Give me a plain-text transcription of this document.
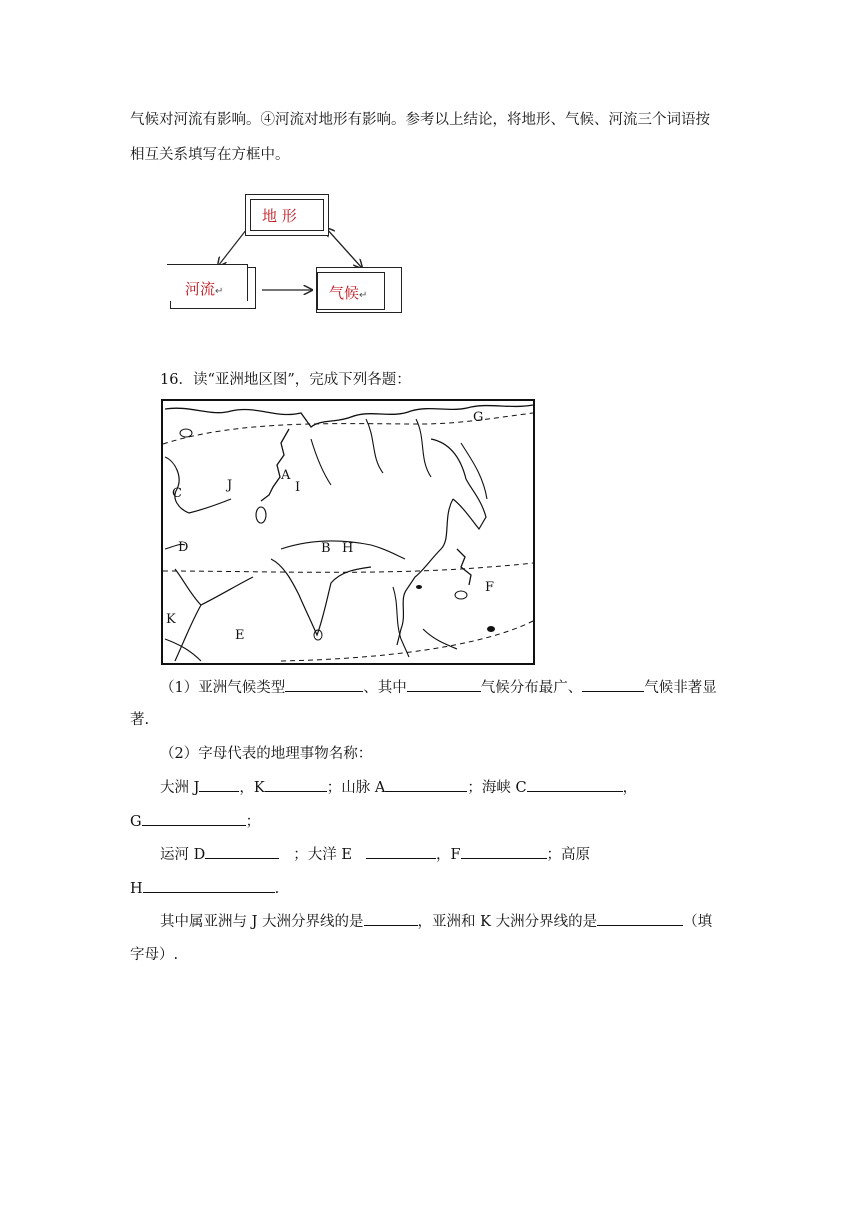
气候对河流有影响。④河流对地形有影响。参考以上结论，将地形、气候、河流三个词语按
相互关系填写在方框中。
地 形
河流↵	气候↵
16．读“亚洲地区图”，完成下列各题：
G
A
I
J
C
D	B H
F
K
E
（1）亚洲气候类型	、其中	气候分布最广、	气候非著显
著.
（2）字母代表的地理事物名称：
大洲 J	，K	；山脉 A	；海峡 C	，
G	；
运河 D	；大洋 E	，F	；高原
H	.
其中属亚洲与 J 大洲分界线的是	，亚洲和 K 大洲分界线的是	（填
字母）.
